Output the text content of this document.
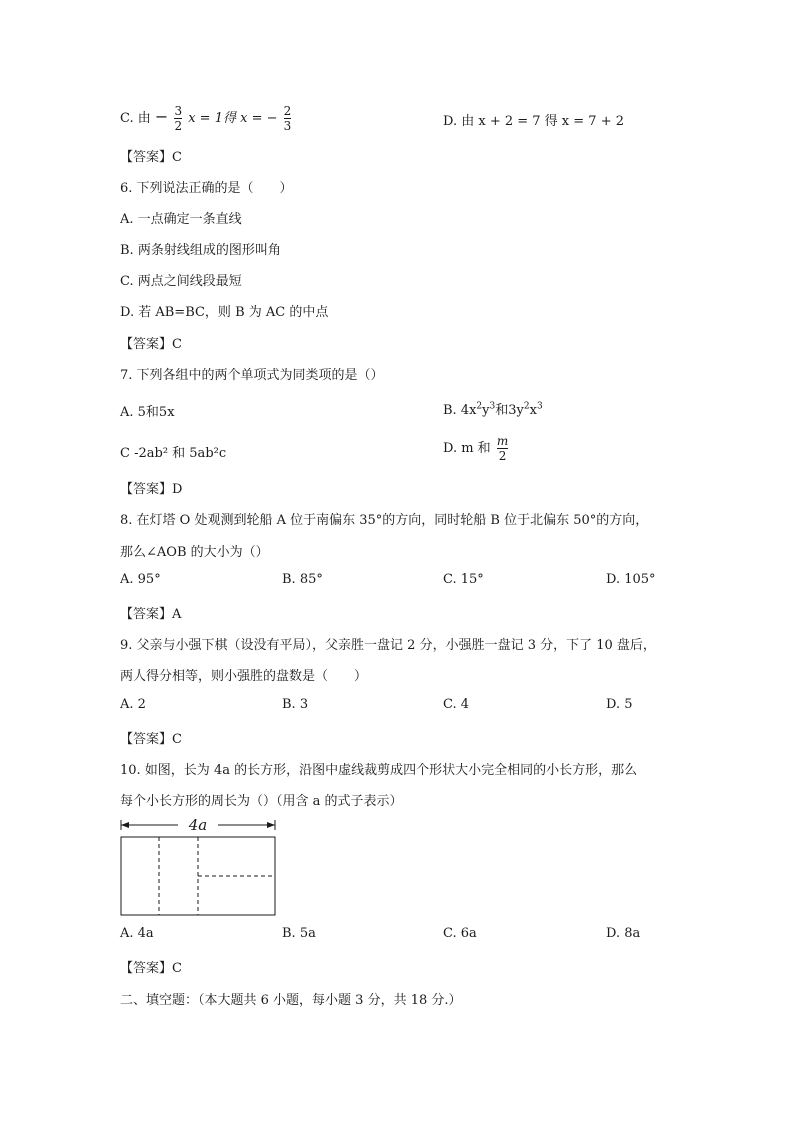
C. 由 − $\frac{3}{2}$ x = 1得 x = − $\frac{2}{3}$	D. 由 x + 2 = 7 得 x = 7 + 2
【答案】C
6. 下列说法正确的是（　　）
A. 一点确定一条直线
B. 两条射线组成的图形叫角
C. 两点之间线段最短
D. 若 AB=BC，则 B 为 AC 的中点
【答案】C
7. 下列各组中的两个单项式为同类项的是（）
A. 5和5x	B. $4x^2y^3$和$3y^2x^3$
C -2ab² 和 5ab²c	D. m 和 $\frac{m}{2}$
【答案】D
8. 在灯塔 O 处观测到轮船 A 位于南偏东 35°的方向，同时轮船 B 位于北偏东 50°的方向，
那么∠AOB 的大小为（）
A. 95°	B. 85°	C. 15°	D. 105°
【答案】A
9. 父亲与小强下棋（设没有平局），父亲胜一盘记 2 分，小强胜一盘记 3 分，下了 10 盘后，
两人得分相等，则小强胜的盘数是（　　）
A. 2	B. 3	C. 4	D. 5
【答案】C
10. 如图，长为 4a 的长方形，沿图中虚线裁剪成四个形状大小完全相同的小长方形，那么
每个小长方形的周长为（）（用含 a 的式子表示）
4a
A. 4a	B. 5a	C. 6a	D. 8a
【答案】C
二、填空题：（本大题共 6 小题，每小题 3 分，共 18 分.）
